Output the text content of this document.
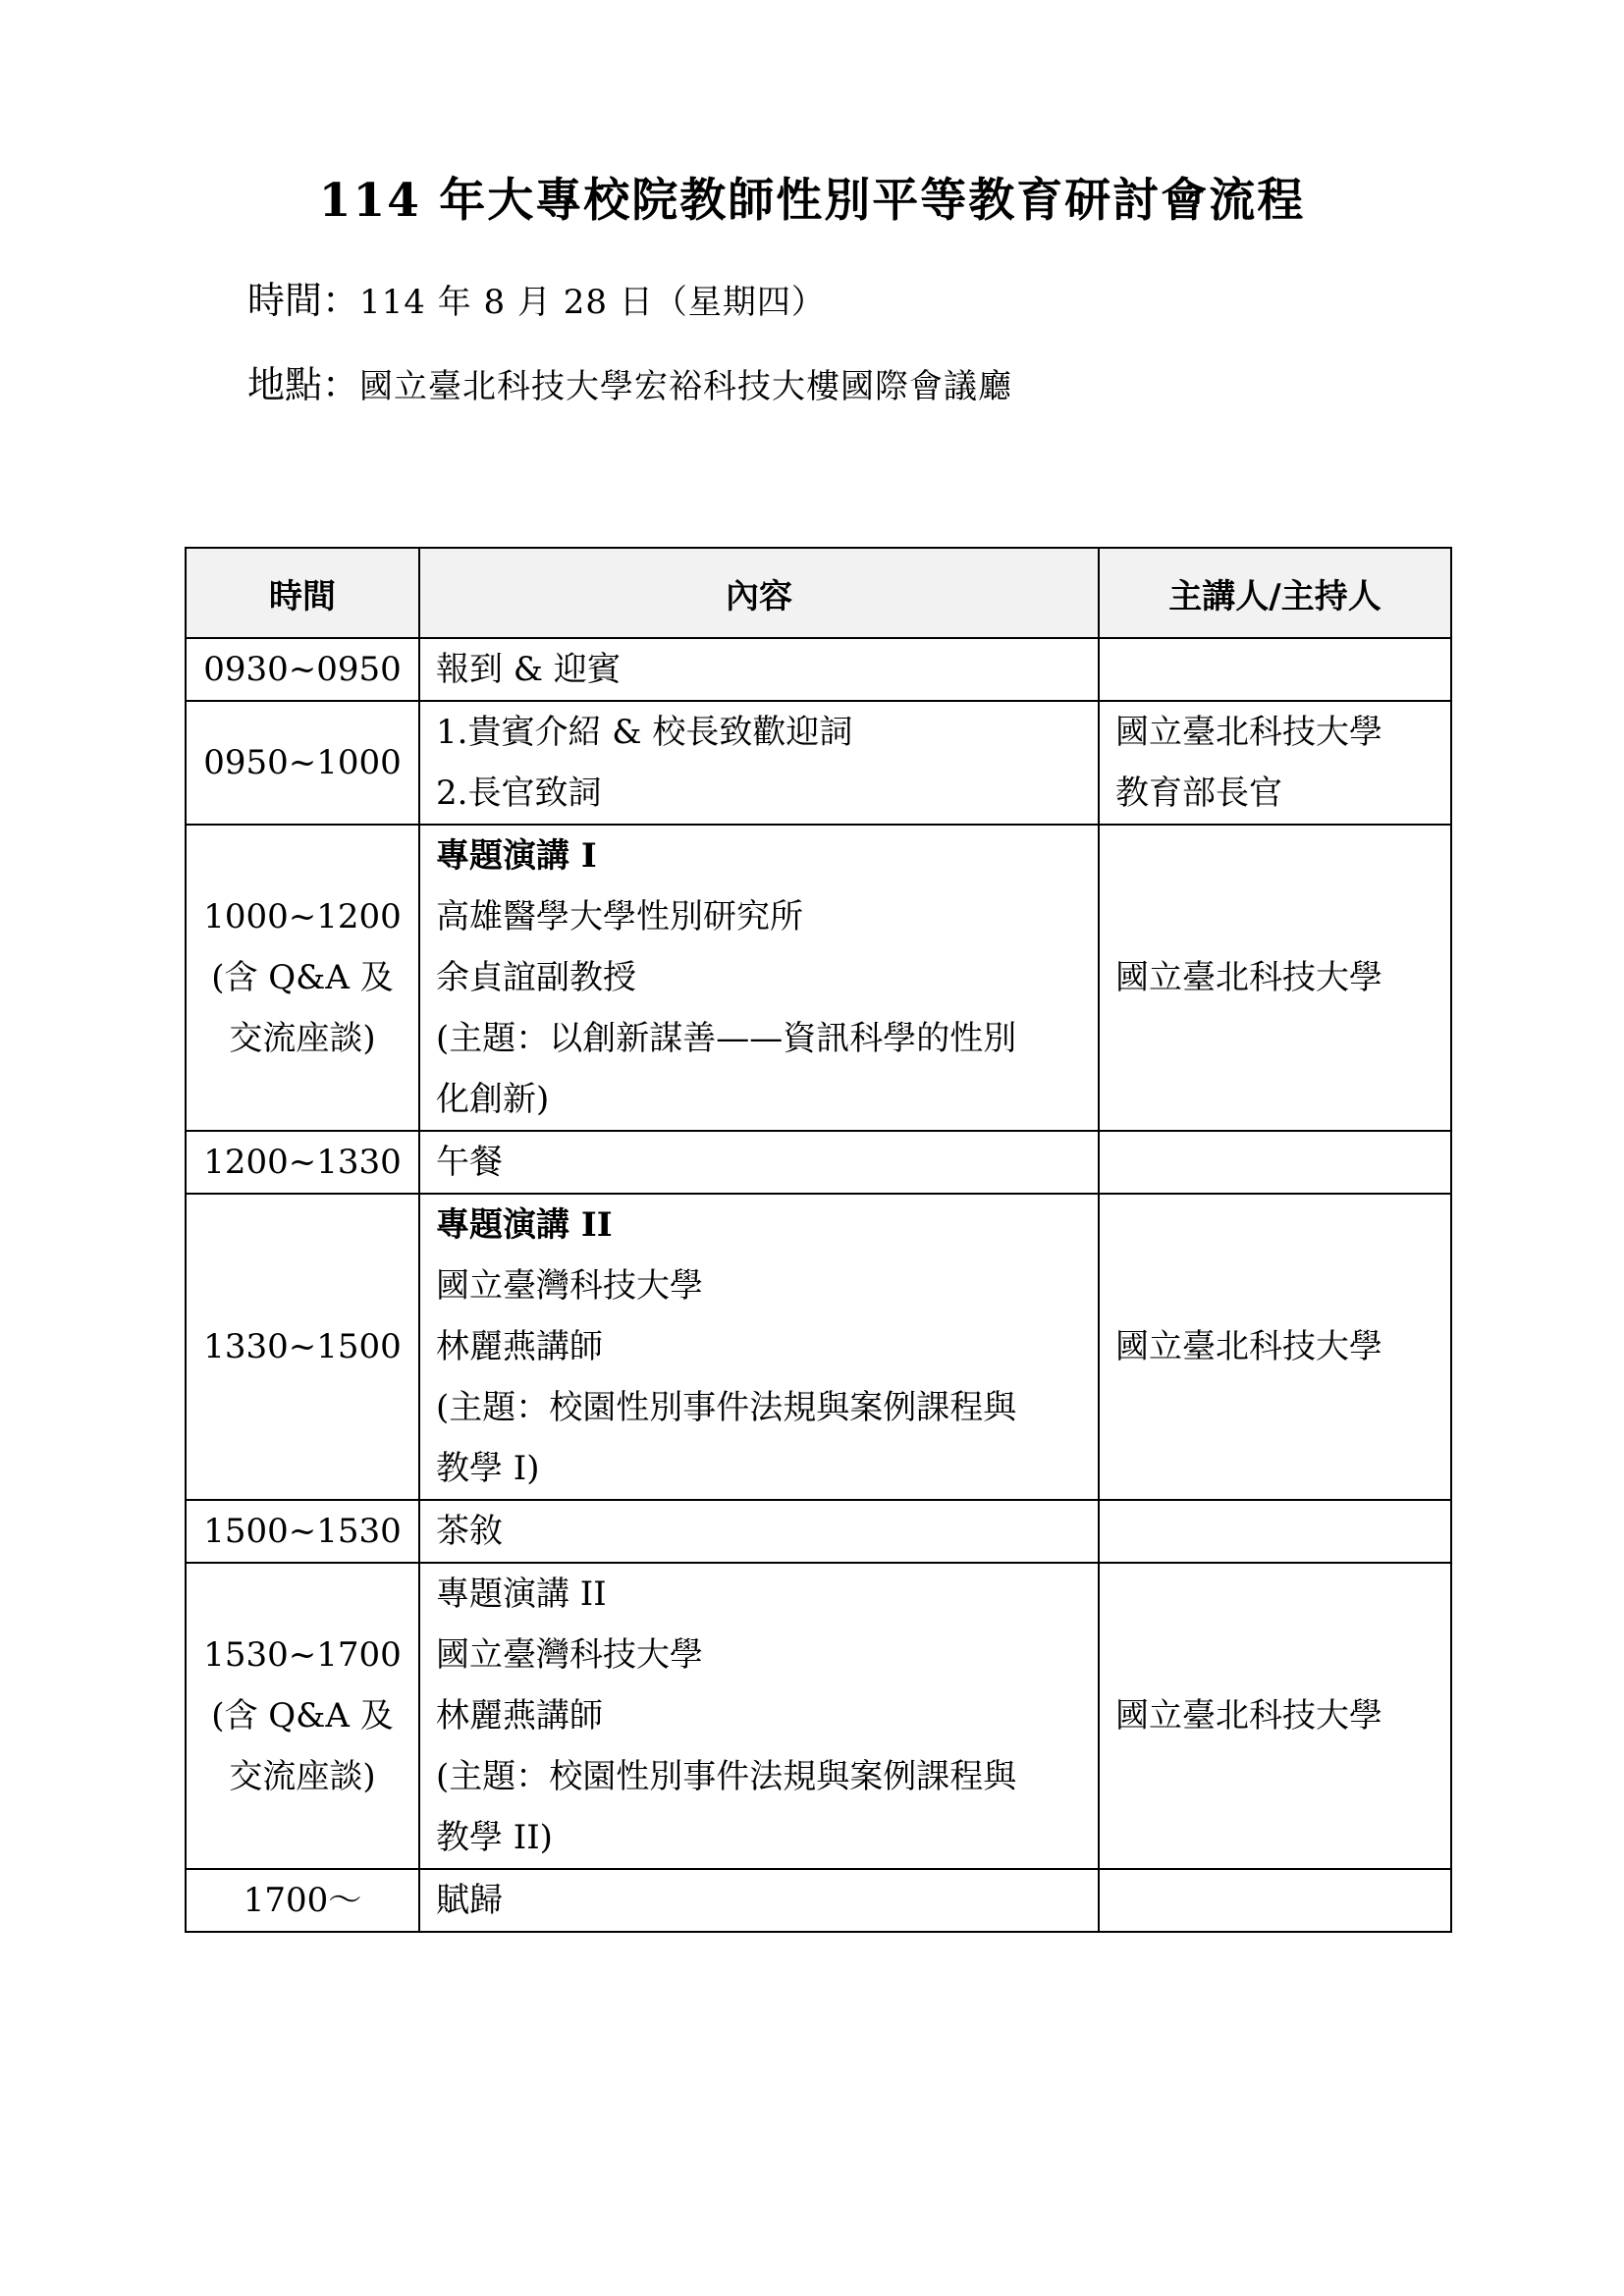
114 年大專校院教師性別平等教育研討會流程
時間：114 年 8 月 28 日（星期四）
地點：國立臺北科技大學宏裕科技大樓國際會議廳
時間	內容	主講人/主持人

0930~0950	報到 & 迎賓	

0950~1000	1.貴賓介紹 & 校長致歡迎詞
2.長官致詞	國立臺北科技大學
教育部長官

1000~1200
(含 Q&A 及
交流座談)	專題演講 I
高雄醫學大學性別研究所
余貞誼副教授
(主題：以創新謀善——資訊科學的性別
化創新)	國立臺北科技大學

1200~1330	午餐	

1330~1500	專題演講 II
國立臺灣科技大學
林麗燕講師
(主題：校園性別事件法規與案例課程與
教學 I)	國立臺北科技大學

1500~1530	茶敘	

1530~1700
(含 Q&A 及
交流座談)	專題演講 II
國立臺灣科技大學
林麗燕講師
(主題：校園性別事件法規與案例課程與
教學 II)	國立臺北科技大學

1700～	賦歸	
